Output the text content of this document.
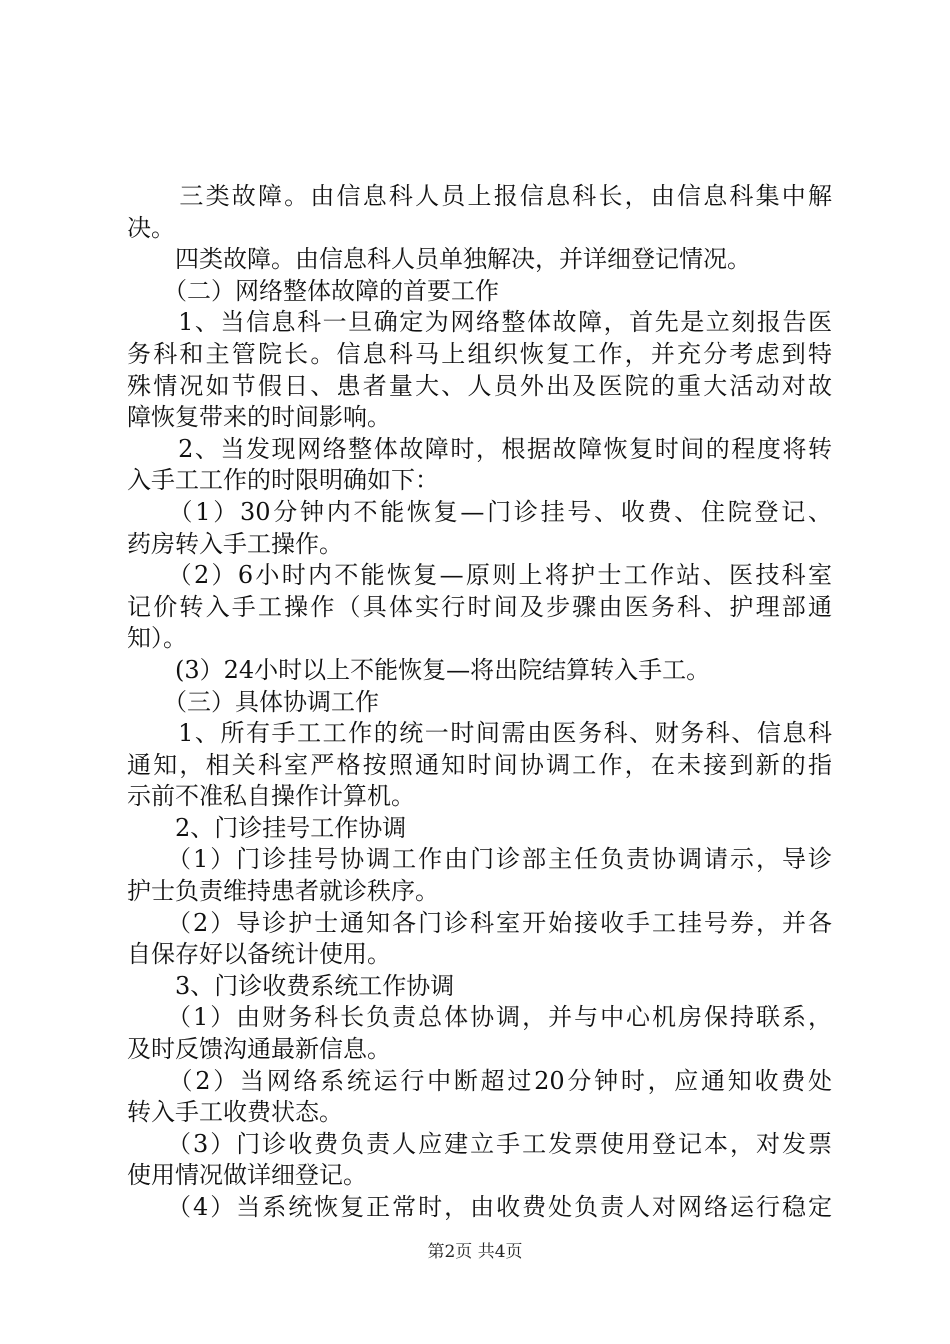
　　三类故障。由信息科人员上报信息科长，由信息科集中解
决。
　　四类故障。由信息科人员单独解决，并详细登记情况。
　　（二）网络整体故障的首要工作
　　1、当信息科一旦确定为网络整体故障，首先是立刻报告医
务科和主管院长。信息科马上组织恢复工作，并充分考虑到特
殊情况如节假日、患者量大、人员外出及医院的重大活动对故
障恢复带来的时间影响。
　　2、当发现网络整体故障时，根据故障恢复时间的程度将转
入手工工作的时限明确如下：
　　（1）30分钟内不能恢复—门诊挂号、收费、住院登记、
药房转入手工操作。
　　（2）6小时内不能恢复—原则上将护士工作站、医技科室
记价转入手工操作（具体实行时间及步骤由医务科、护理部通
知）。
　　(3）24小时以上不能恢复—将出院结算转入手工。
　　（三）具体协调工作
　　1、所有手工工作的统一时间需由医务科、财务科、信息科
通知，相关科室严格按照通知时间协调工作，在未接到新的指
示前不准私自操作计算机。
　　2、门诊挂号工作协调
　　（1）门诊挂号协调工作由门诊部主任负责协调请示，导诊
护士负责维持患者就诊秩序。
　　（2）导诊护士通知各门诊科室开始接收手工挂号券，并各
自保存好以备统计使用。
　　3、门诊收费系统工作协调
　　（1）由财务科长负责总体协调，并与中心机房保持联系，
及时反馈沟通最新信息。
　　（2）当网络系统运行中断超过20分钟时，应通知收费处
转入手工收费状态。
　　（3）门诊收费负责人应建立手工发票使用登记本，对发票
使用情况做详细登记。
　　（4）当系统恢复正常时，由收费处负责人对网络运行稳定
第2页 共4页
